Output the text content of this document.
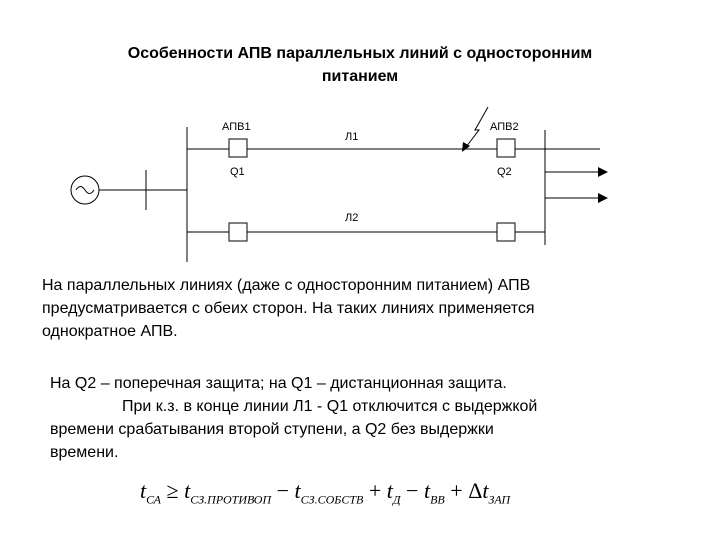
Особенности АПВ параллельных линий с односторонним
питанием
АПВ1
Q1
Л1
АПВ2
Q2
Л2
На параллельных линиях (даже с односторонним питанием) АПВ
предусматривается с обеих сторон. На таких линиях применяется
однократное АПВ.
На Q2 – поперечная защита; на Q1 – дистанционная защита.
При к.з. в конце линии Л1 - Q1 отключится с выдержкой
времени срабатывания второй ступени, а Q2 без выдержки
времени.
$t_{СА} \ge t_{СЗ.ПРОТИВОП} - t_{СЗ.СОБСТВ} + t_Д - t_{ВВ} + \Delta t_{ЗАП}$
